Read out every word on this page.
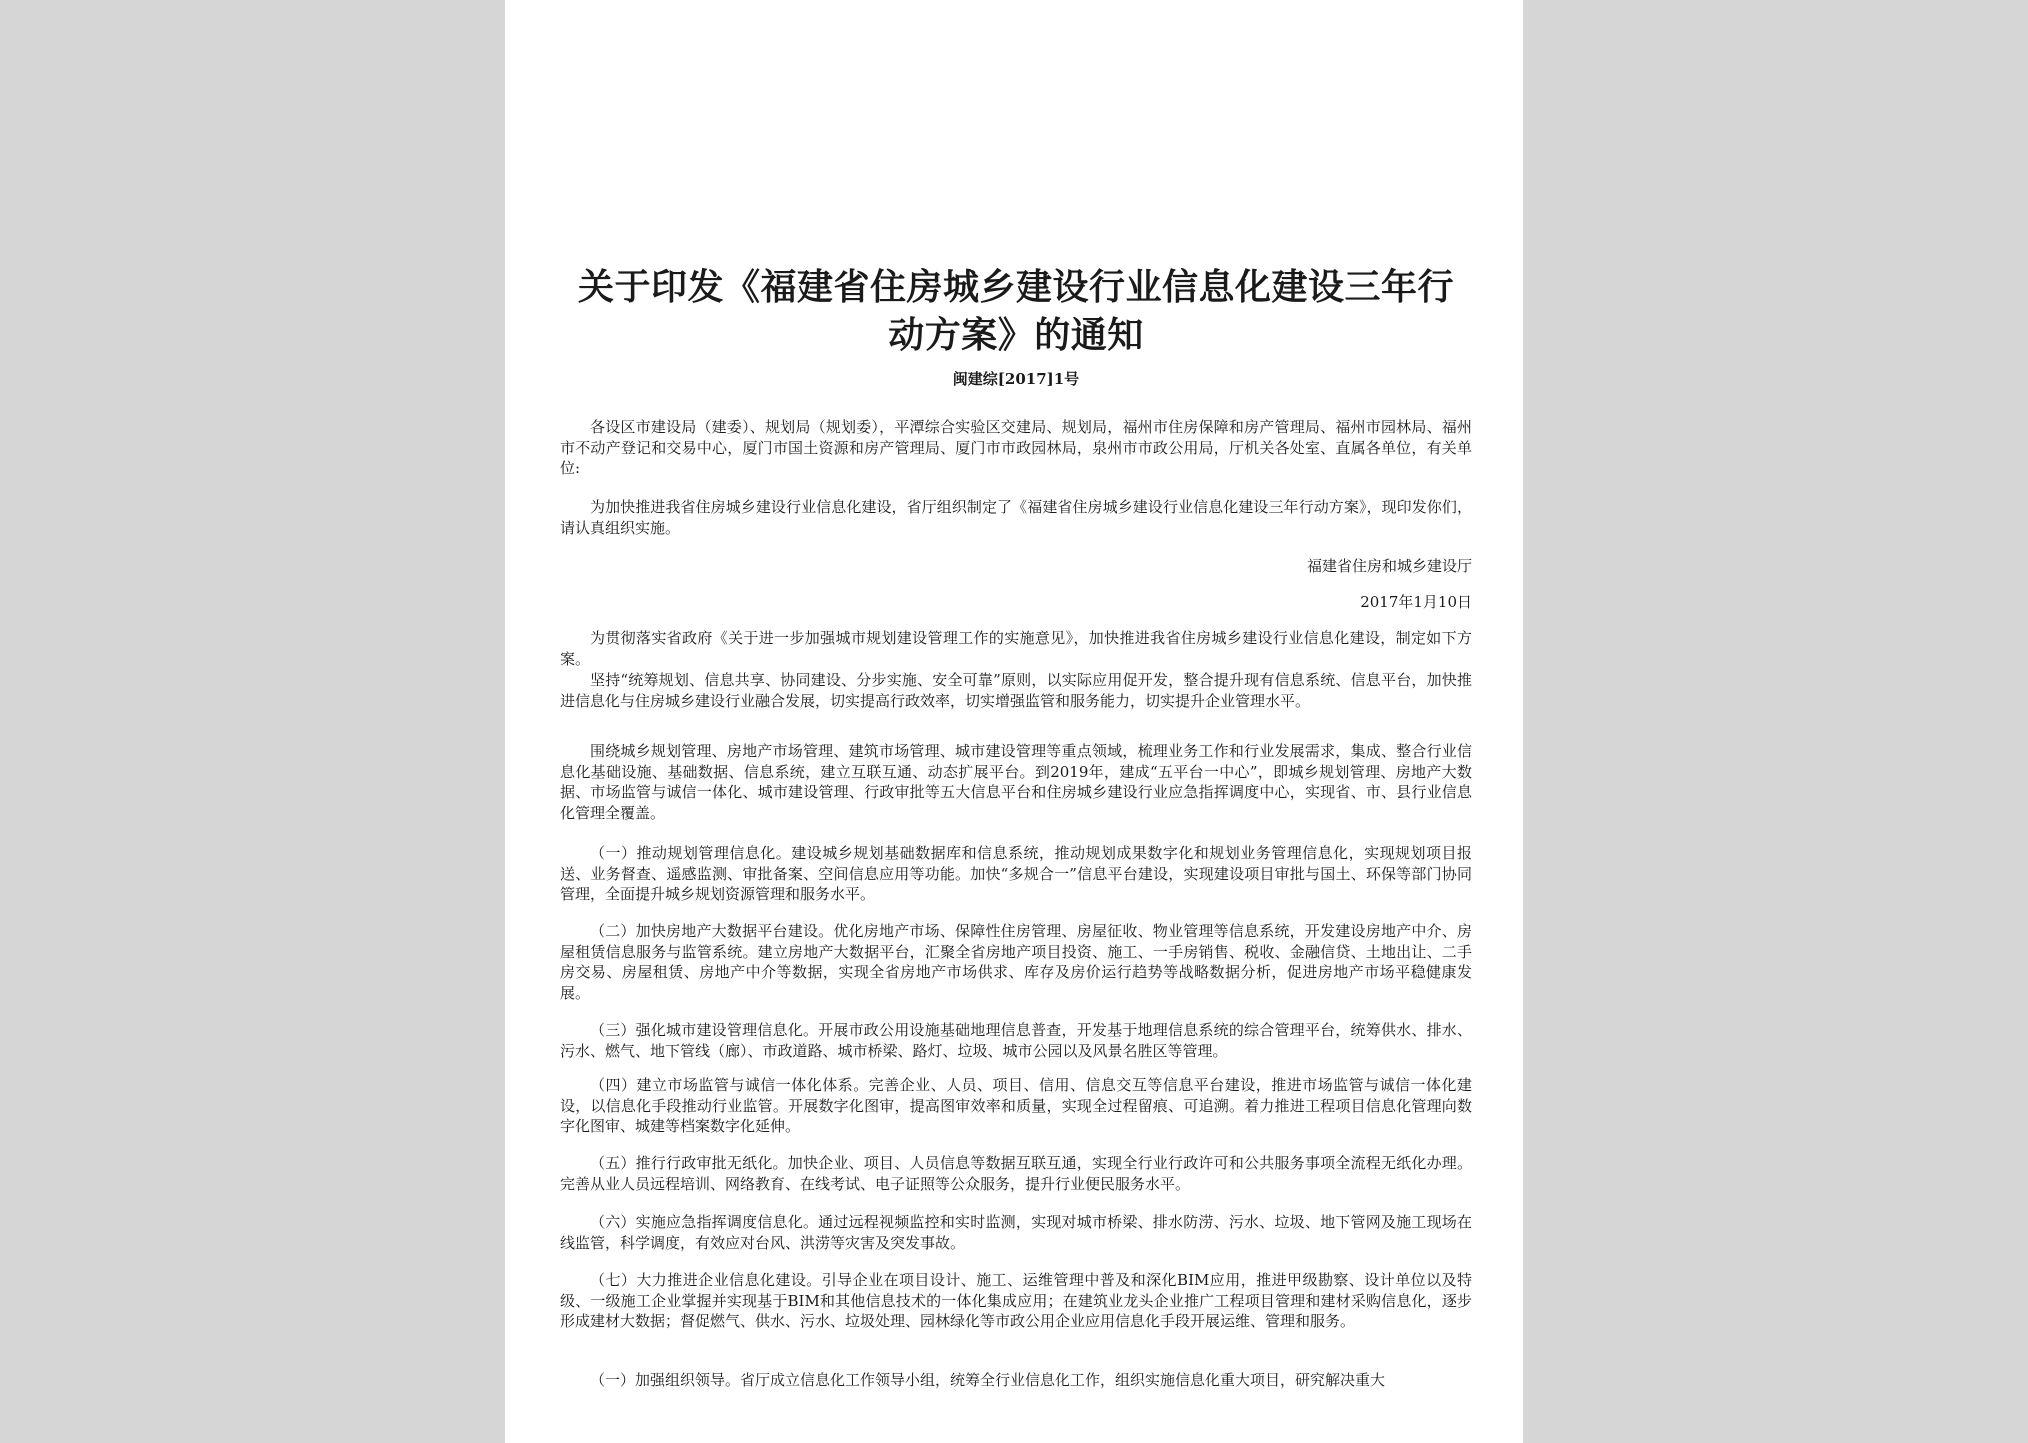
关于印发《福建省住房城乡建设行业信息化建设三年行动方案》的通知
闽建综[2017]1号
各设区市建设局（建委）、规划局（规划委），平潭综合实验区交建局、规划局，福州市住房保障和房产管理局、福州市园林局、福州市不动产登记和交易中心，厦门市国土资源和房产管理局、厦门市市政园林局，泉州市市政公用局，厅机关各处室、直属各单位，有关单位:
为加快推进我省住房城乡建设行业信息化建设，省厅组织制定了《福建省住房城乡建设行业信息化建设三年行动方案》，现印发你们，请认真组织实施。
福建省住房和城乡建设厅
2017年1月10日
为贯彻落实省政府《关于进一步加强城市规划建设管理工作的实施意见》，加快推进我省住房城乡建设行业信息化建设，制定如下方案。
坚持“统筹规划、信息共享、协同建设、分步实施、安全可靠”原则，以实际应用促开发，整合提升现有信息系统、信息平台，加快推进信息化与住房城乡建设行业融合发展，切实提高行政效率，切实增强监管和服务能力，切实提升企业管理水平。
围绕城乡规划管理、房地产市场管理、建筑市场管理、城市建设管理等重点领域，梳理业务工作和行业发展需求，集成、整合行业信息化基础设施、基础数据、信息系统，建立互联互通、动态扩展平台。到2019年，建成“五平台一中心”，即城乡规划管理、房地产大数据、市场监管与诚信一体化、城市建设管理、行政审批等五大信息平台和住房城乡建设行业应急指挥调度中心，实现省、市、县行业信息化管理全覆盖。
（一）推动规划管理信息化。建设城乡规划基础数据库和信息系统，推动规划成果数字化和规划业务管理信息化，实现规划项目报送、业务督查、遥感监测、审批备案、空间信息应用等功能。加快“多规合一”信息平台建设，实现建设项目审批与国土、环保等部门协同管理，全面提升城乡规划资源管理和服务水平。
（二）加快房地产大数据平台建设。优化房地产市场、保障性住房管理、房屋征收、物业管理等信息系统，开发建设房地产中介、房屋租赁信息服务与监管系统。建立房地产大数据平台，汇聚全省房地产项目投资、施工、一手房销售、税收、金融信贷、土地出让、二手房交易、房屋租赁、房地产中介等数据，实现全省房地产市场供求、库存及房价运行趋势等战略数据分析，促进房地产市场平稳健康发展。
（三）强化城市建设管理信息化。开展市政公用设施基础地理信息普查，开发基于地理信息系统的综合管理平台，统筹供水、排水、污水、燃气、地下管线（廊）、市政道路、城市桥梁、路灯、垃圾、城市公园以及风景名胜区等管理。
（四）建立市场监管与诚信一体化体系。完善企业、人员、项目、信用、信息交互等信息平台建设，推进市场监管与诚信一体化建设，以信息化手段推动行业监管。开展数字化图审，提高图审效率和质量，实现全过程留痕、可追溯。着力推进工程项目信息化管理向数字化图审、城建等档案数字化延伸。
（五）推行行政审批无纸化。加快企业、项目、人员信息等数据互联互通，实现全行业行政许可和公共服务事项全流程无纸化办理。完善从业人员远程培训、网络教育、在线考试、电子证照等公众服务，提升行业便民服务水平。
（六）实施应急指挥调度信息化。通过远程视频监控和实时监测，实现对城市桥梁、排水防涝、污水、垃圾、地下管网及施工现场在线监管，科学调度，有效应对台风、洪涝等灾害及突发事故。
（七）大力推进企业信息化建设。引导企业在项目设计、施工、运维管理中普及和深化BIM应用，推进甲级勘察、设计单位以及特级、一级施工企业掌握并实现基于BIM和其他信息技术的一体化集成应用；在建筑业龙头企业推广工程项目管理和建材采购信息化，逐步形成建材大数据；督促燃气、供水、污水、垃圾处理、园林绿化等市政公用企业应用信息化手段开展运维、管理和服务。
（一）加强组织领导。省厅成立信息化工作领导小组，统筹全行业信息化工作，组织实施信息化重大项目，研究解决重大
